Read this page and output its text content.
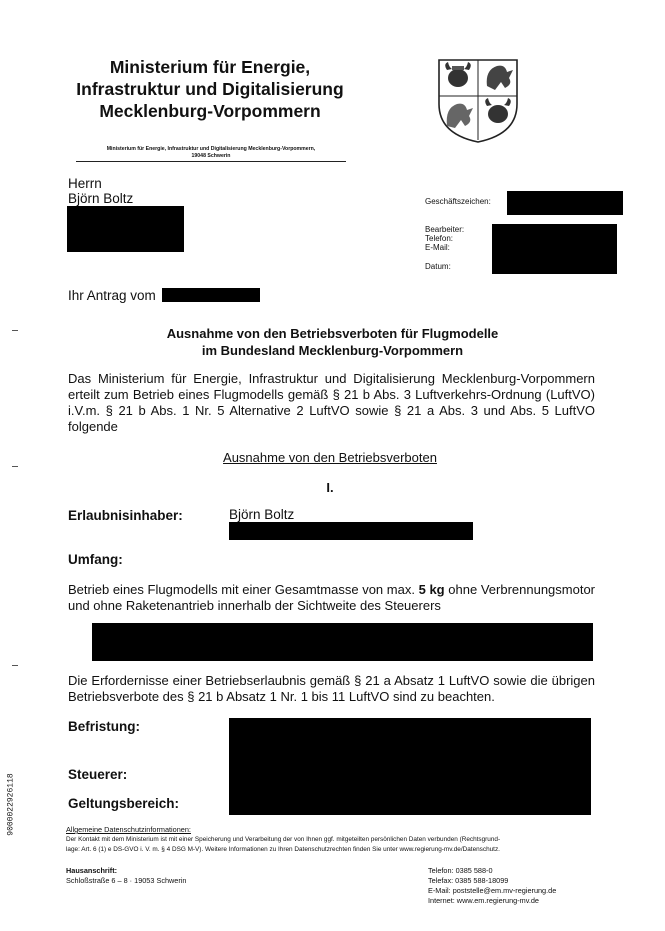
Ministerium für Energie,
Infrastruktur und Digitalisierung
Mecklenburg-Vorpommern
Ministerium für Energie, Infrastruktur und Digitalisierung Mecklenburg-Vorpommern,
19048 Schwerin
Herrn
Björn Boltz	Geschäftszeichen:
Bearbeiter:
Telefon:
E-Mail:
Datum:
Ihr Antrag vom
Ausnahme von den Betriebsverboten für Flugmodelle
im Bundesland Mecklenburg-Vorpommern
Das Ministerium für Energie, Infrastruktur und Digitalisierung Mecklenburg-Vorpommern erteilt zum Betrieb eines Flugmodells gemäß § 21 b Abs. 3 Luftverkehrs-Ordnung (LuftVO) i.V.m. § 21 b Abs. 1 Nr. 5 Alternative 2 LuftVO sowie § 21 a Abs. 3 und Abs. 5 LuftVO folgende
Ausnahme von den Betriebsverboten
I.
Erlaubnisinhaber:	Björn Boltz
Umfang:
Betrieb eines Flugmodells mit einer Gesamtmasse von max. 5 kg ohne Verbrennungsmotor und ohne Raketenantrieb innerhalb der Sichtweite des Steuerers
Die Erfordernisse einer Betriebserlaubnis gemäß § 21 a Absatz 1 LuftVO sowie die übrigen Betriebsverbote des § 21 b Absatz 1 Nr. 1 bis 11 LuftVO sind zu beachten.
Befristung:
Steuerer:
Geltungsbereich:
Allgemeine Datenschutzinformationen:
Der Kontakt mit dem Ministerium ist mit einer Speicherung und Verarbeitung der von Ihnen ggf. mitgeteilten persönlichen Daten verbunden (Rechtsgrund-
lage: Art. 6 (1) e DS-GVO i. V. m. § 4 DSG M-V). Weitere Informationen zu Ihren Datenschutzrechten finden Sie unter www.regierung-mv.de/Datenschutz.
Hausanschrift:
Schloßstraße 6 – 8 · 19053 Schwerin
Telefon: 0385 588-0
Telefax: 0385 588-18099
E-Mail: poststelle@em.mv-regierung.de
Internet: www.em.regierung-mv.de
9000022926118
